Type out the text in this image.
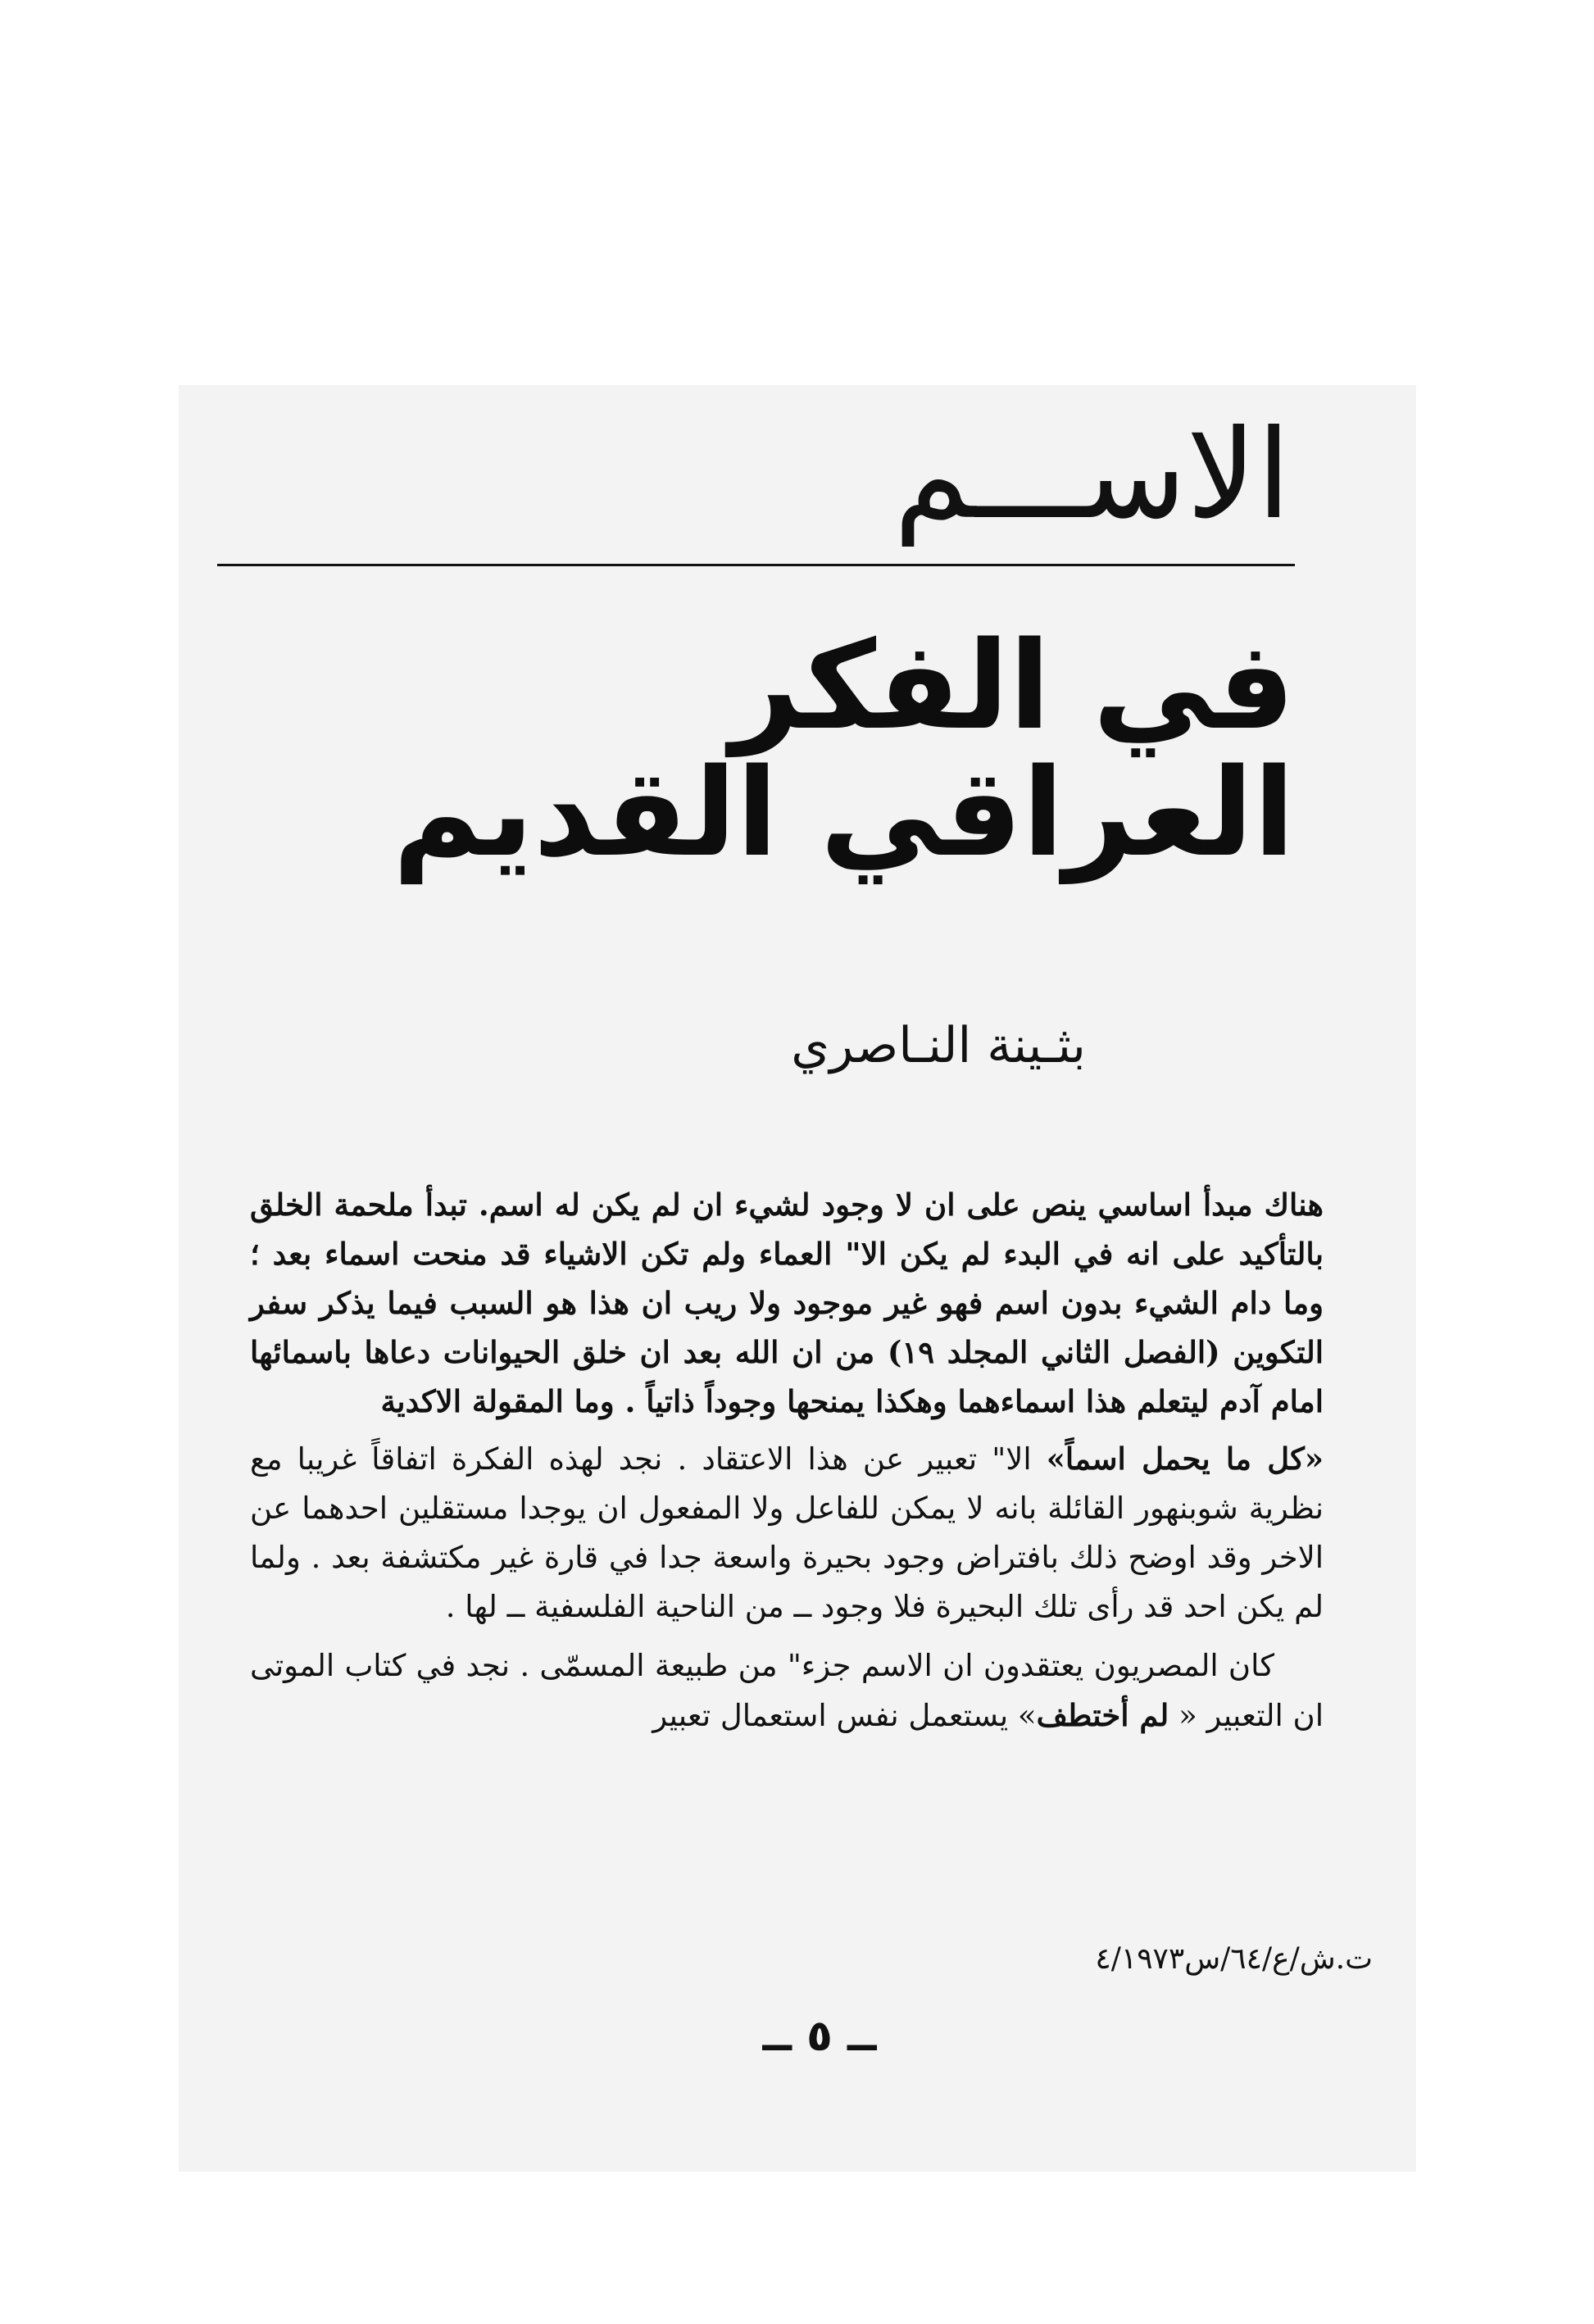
الاســـم
في الفكر العراقي القديم
بثـينة النـاصري

هناك مبدأ اساسي ينص على ان لا وجود لشيء ان لم يكن له اسم. تبدأ ملحمة الخلق بالتأكيد على انه في البدء لم يكن الا" العماء ولم تكن الاشياء قد منحت اسماء بعد ؛ وما دام الشيء بدون اسم فهو غير موجود ولا ريب ان هذا هو السبب فيما يذكر سفر التكوين (الفصل الثاني المجلد ١٩) من ان الله بعد ان خلق الحيوانات دعاها باسمائها امام آدم ليتعلم هذا اسماءهما وهكذا يمنحها وجوداً ذاتياً . وما المقولة الاكدية

«كل ما يحمل اسماً» الا" تعبير عن هذا الاعتقاد . نجد لهذه الفكرة اتفاقاً غريبا مع نظرية شوبنهور القائلة بانه لا يمكن للفاعل ولا المفعول ان يوجدا مستقلين احدهما عن الاخر وقد اوضح ذلك بافتراض وجود بحيرة واسعة جدا في قارة غير مكتشفة بعد . ولما لم يكن احد قد رأى تلك البحيرة فلا وجود ــ من الناحية الفلسفية ــ لها .

كان المصريون يعتقدون ان الاسم جزء" من طبيعة المسمّى . نجد في كتاب الموتى ان التعبير « لم أختطف» يستعمل نفس استعمال تعبير

ت.ش/ع/٦٤/س٤/١٩٧٣
ــ ٥ ــ
